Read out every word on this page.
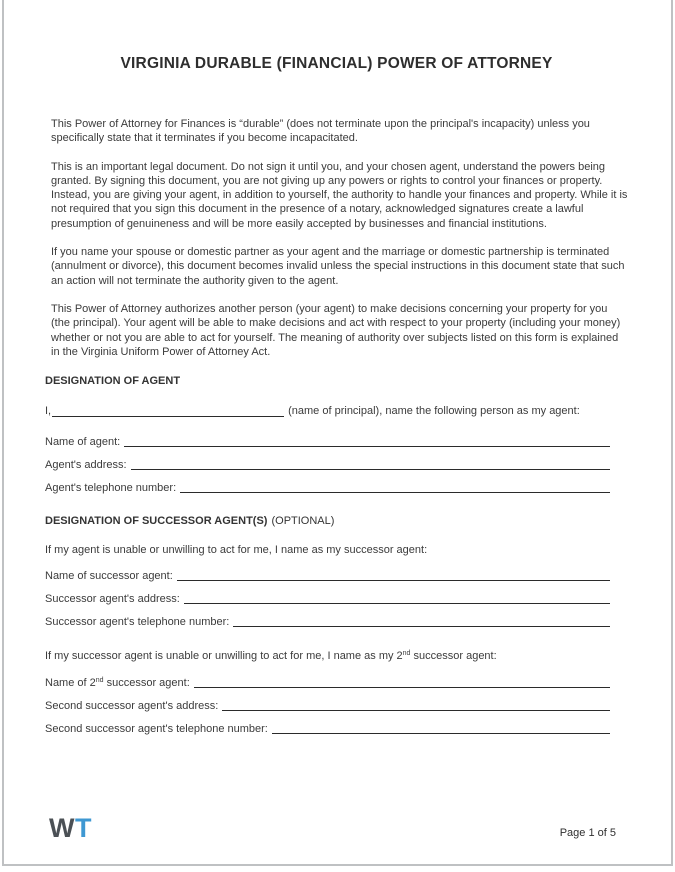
VIRGINIA DURABLE (FINANCIAL) POWER OF ATTORNEY

This Power of Attorney for Finances is “durable” (does not terminate upon the principal's incapacity) unless you specifically state that it terminates if you become incapacitated.

This is an important legal document. Do not sign it until you, and your chosen agent, understand the powers being granted. By signing this document, you are not giving up any powers or rights to control your finances or property. Instead, you are giving your agent, in addition to yourself, the authority to handle your finances and property. While it is not required that you sign this document in the presence of a notary, acknowledged signatures create a lawful presumption of genuineness and will be more easily accepted by businesses and financial institutions.

If you name your spouse or domestic partner as your agent and the marriage or domestic partnership is terminated (annulment or divorce), this document becomes invalid unless the special instructions in this document state that such an action will not terminate the authority given to the agent.

This Power of Attorney authorizes another person (your agent) to make decisions concerning your property for you (the principal). Your agent will be able to make decisions and act with respect to your property (including your money) whether or not you are able to act for yourself. The meaning of authority over subjects listed on this form is explained in the Virginia Uniform Power of Attorney Act.

DESIGNATION OF AGENT
I,	(name of principal), name the following person as my agent:
Name of agent:
Agent's address:
Agent's telephone number:
DESIGNATION OF SUCCESSOR AGENT(S) (OPTIONAL)

If my agent is unable or unwilling to act for me, I name as my successor agent:

Name of successor agent:
Successor agent's address:
Successor agent's telephone number:

If my successor agent is unable or unwilling to act for me, I name as my 2nd successor agent:

Name of 2nd successor agent:
Second successor agent's address:
Second successor agent's telephone number:
WT	Page 1 of 5
